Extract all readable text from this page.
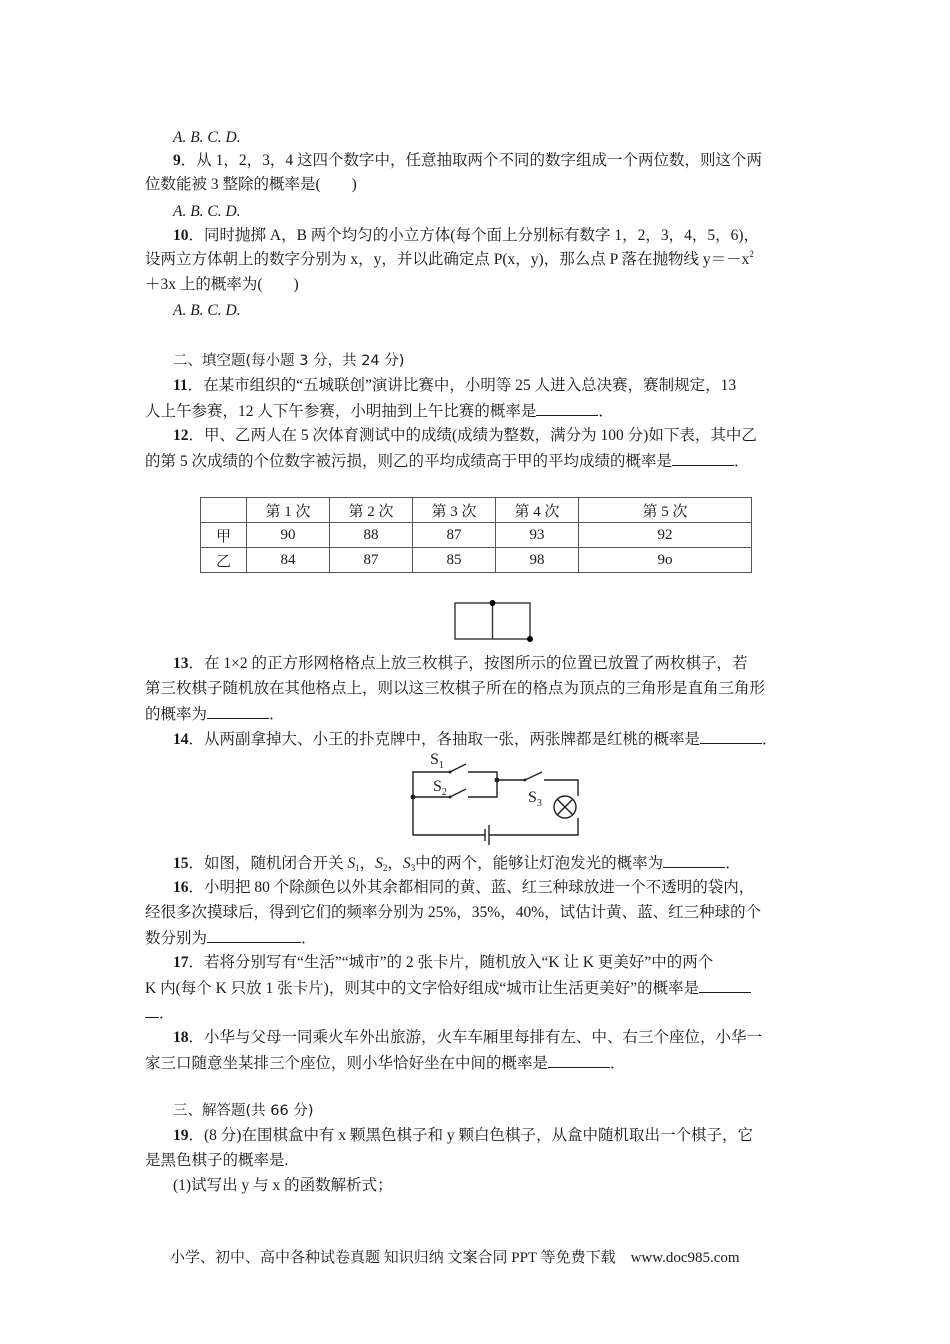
A. B. C. D.
9．从 1，2，3，4 这四个数字中，任意抽取两个不同的数字组成一个两位数，则这个两
位数能被 3 整除的概率是(　　)
A. B. C. D.
10．同时抛掷 A，B 两个均匀的小立方体(每个面上分别标有数字 1，2，3，4，5，6)，
设两立方体朝上的数字分别为 x，y，并以此确定点 P(x，y)，那么点 P 落在抛物线 $y=-x^2$
＋3x 上的概率为(　　)
A. B. C. D.
二、填空题(每小题 3 分，共 24 分)
11．在某市组织的“五城联创”演讲比赛中，小明等 25 人进入总决赛，赛制规定，13
人上午参赛，12 人下午参赛，小明抽到上午比赛的概率是	．
12．甲、乙两人在 5 次体育测试中的成绩(成绩为整数，满分为 100 分)如下表，其中乙
的第 5 次成绩的个位数字被污损，则乙的平均成绩高于甲的平均成绩的概率是	．
	第 1 次	第 2 次	第 3 次	第 4 次	第 5 次
甲	90	88	87	93	92
乙	84	87	85	98	9o
13．在 1×2 的正方形网格格点上放三枚棋子，按图所示的位置已放置了两枚棋子，若
第三枚棋子随机放在其他格点上，则以这三枚棋子所在的格点为顶点的三角形是直角三角形
的概率为	．
14．从两副拿掉大、小王的扑克牌中，各抽取一张，两张牌都是红桃的概率是	．
$S_1$
$S_2$	$S_3$
15．如图，随机闭合开关 $S_1$，$S_2$，$S_3$中的两个，能够让灯泡发光的概率为	．
16．小明把 80 个除颜色以外其余都相同的黄、蓝、红三种球放进一个不透明的袋内，
经很多次摸球后，得到它们的频率分别为 25%，35%，40%，试估计黄、蓝、红三种球的个
数分别为	．
17．若将分别写有“生活”“城市”的 2 张卡片，随机放入“K 让 K 更美好”中的两个
K 内(每个 K 只放 1 张卡片)，则其中的文字恰好组成“城市让生活更美好”的概率是
．
18．小华与父母一同乘火车外出旅游，火车车厢里每排有左、中、右三个座位，小华一
家三口随意坐某排三个座位，则小华恰好坐在中间的概率是	．
三、解答题(共 66 分)
19．(8 分)在围棋盒中有 x 颗黑色棋子和 y 颗白色棋子，从盒中随机取出一个棋子，它
是黑色棋子的概率是.
(1)试写出 y 与 x 的函数解析式；
小学、初中、高中各种试卷真题 知识归纳 文案合同 PPT 等免费下载　www.doc985.com
